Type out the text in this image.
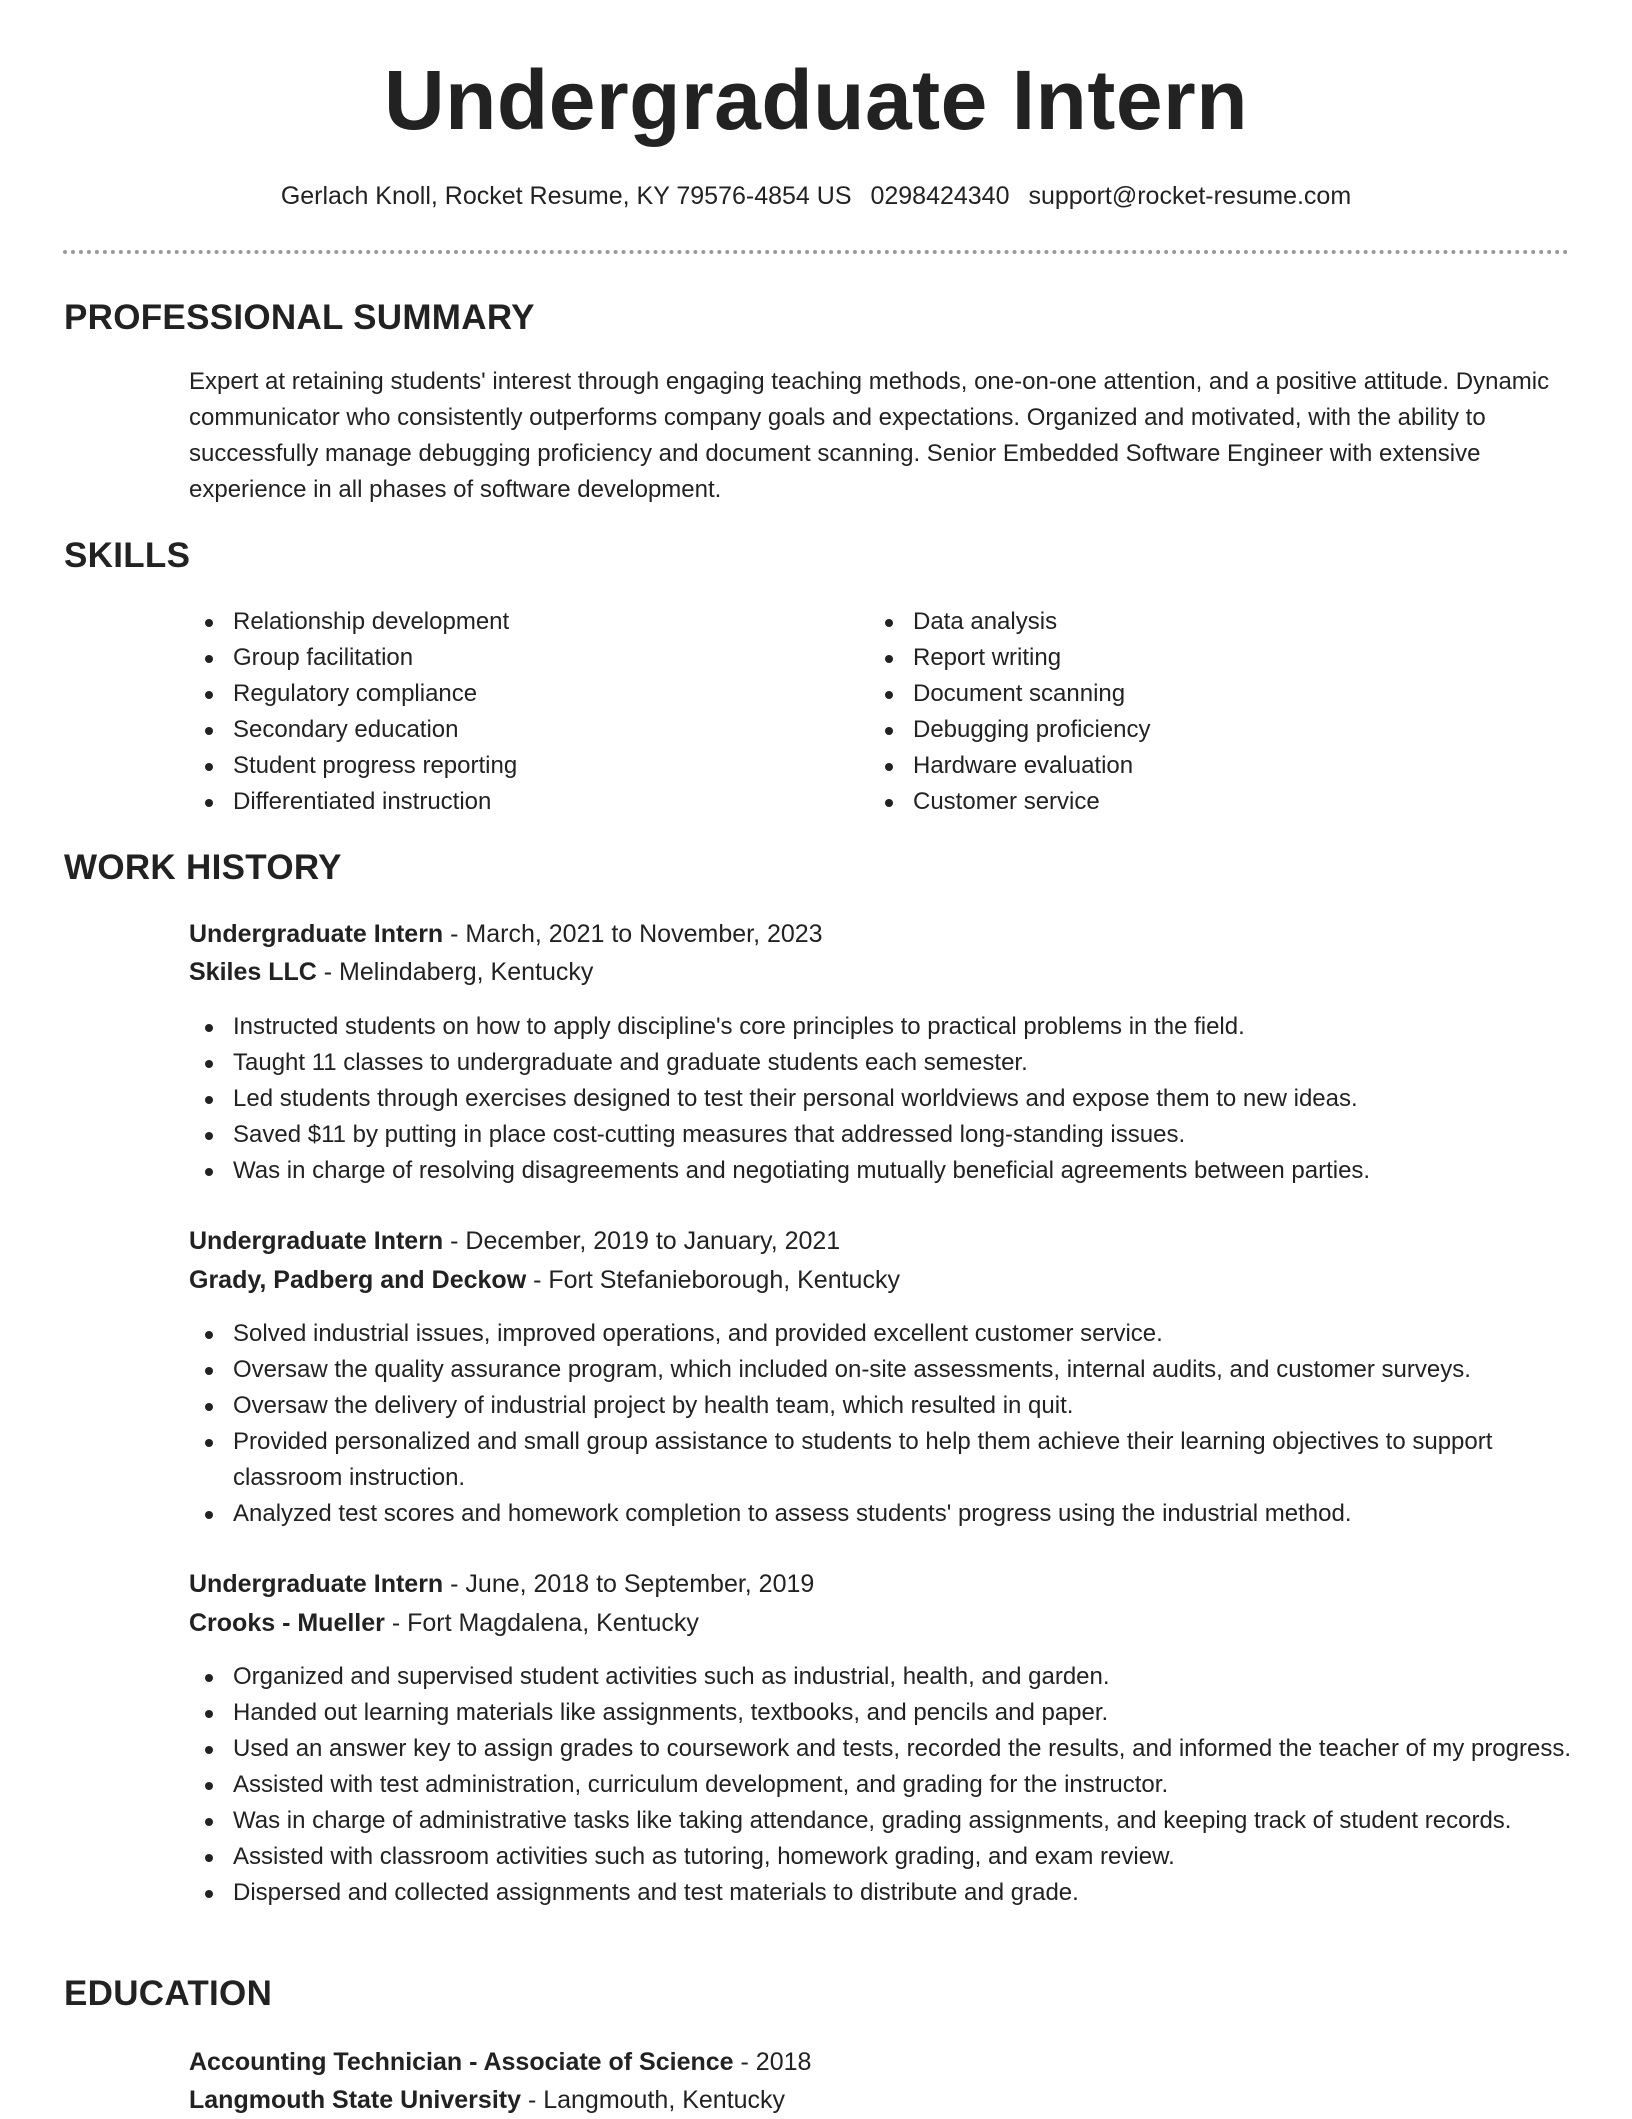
Undergraduate Intern
Gerlach Knoll, Rocket Resume, KY 79576-4854 US 0298424340 support@rocket-resume.com
PROFESSIONAL SUMMARY
Expert at retaining students' interest through engaging teaching methods, one-on-one attention, and a positive attitude. Dynamic communicator who consistently outperforms company goals and expectations. Organized and motivated, with the ability to successfully manage debugging proficiency and document scanning. Senior Embedded Software Engineer with extensive experience in all phases of software development.
SKILLS
Relationship development
Group facilitation
Regulatory compliance
Secondary education
Student progress reporting
Differentiated instruction
Data analysis
Report writing
Document scanning
Debugging proficiency
Hardware evaluation
Customer service
WORK HISTORY
Undergraduate Intern - March, 2021 to November, 2023
Skiles LLC - Melindaberg, Kentucky
Instructed students on how to apply discipline's core principles to practical problems in the field.
Taught 11 classes to undergraduate and graduate students each semester.
Led students through exercises designed to test their personal worldviews and expose them to new ideas.
Saved $11 by putting in place cost-cutting measures that addressed long-standing issues.
Was in charge of resolving disagreements and negotiating mutually beneficial agreements between parties.
Undergraduate Intern - December, 2019 to January, 2021
Grady, Padberg and Deckow - Fort Stefanieborough, Kentucky
Solved industrial issues, improved operations, and provided excellent customer service.
Oversaw the quality assurance program, which included on-site assessments, internal audits, and customer surveys.
Oversaw the delivery of industrial project by health team, which resulted in quit.
Provided personalized and small group assistance to students to help them achieve their learning objectives to support classroom instruction.
Analyzed test scores and homework completion to assess students' progress using the industrial method.
Undergraduate Intern - June, 2018 to September, 2019
Crooks - Mueller - Fort Magdalena, Kentucky
Organized and supervised student activities such as industrial, health, and garden.
Handed out learning materials like assignments, textbooks, and pencils and paper.
Used an answer key to assign grades to coursework and tests, recorded the results, and informed the teacher of my progress.
Assisted with test administration, curriculum development, and grading for the instructor.
Was in charge of administrative tasks like taking attendance, grading assignments, and keeping track of student records.
Assisted with classroom activities such as tutoring, homework grading, and exam review.
Dispersed and collected assignments and test materials to distribute and grade.
EDUCATION
Accounting Technician - Associate of Science - 2018
Langmouth State University - Langmouth, Kentucky
